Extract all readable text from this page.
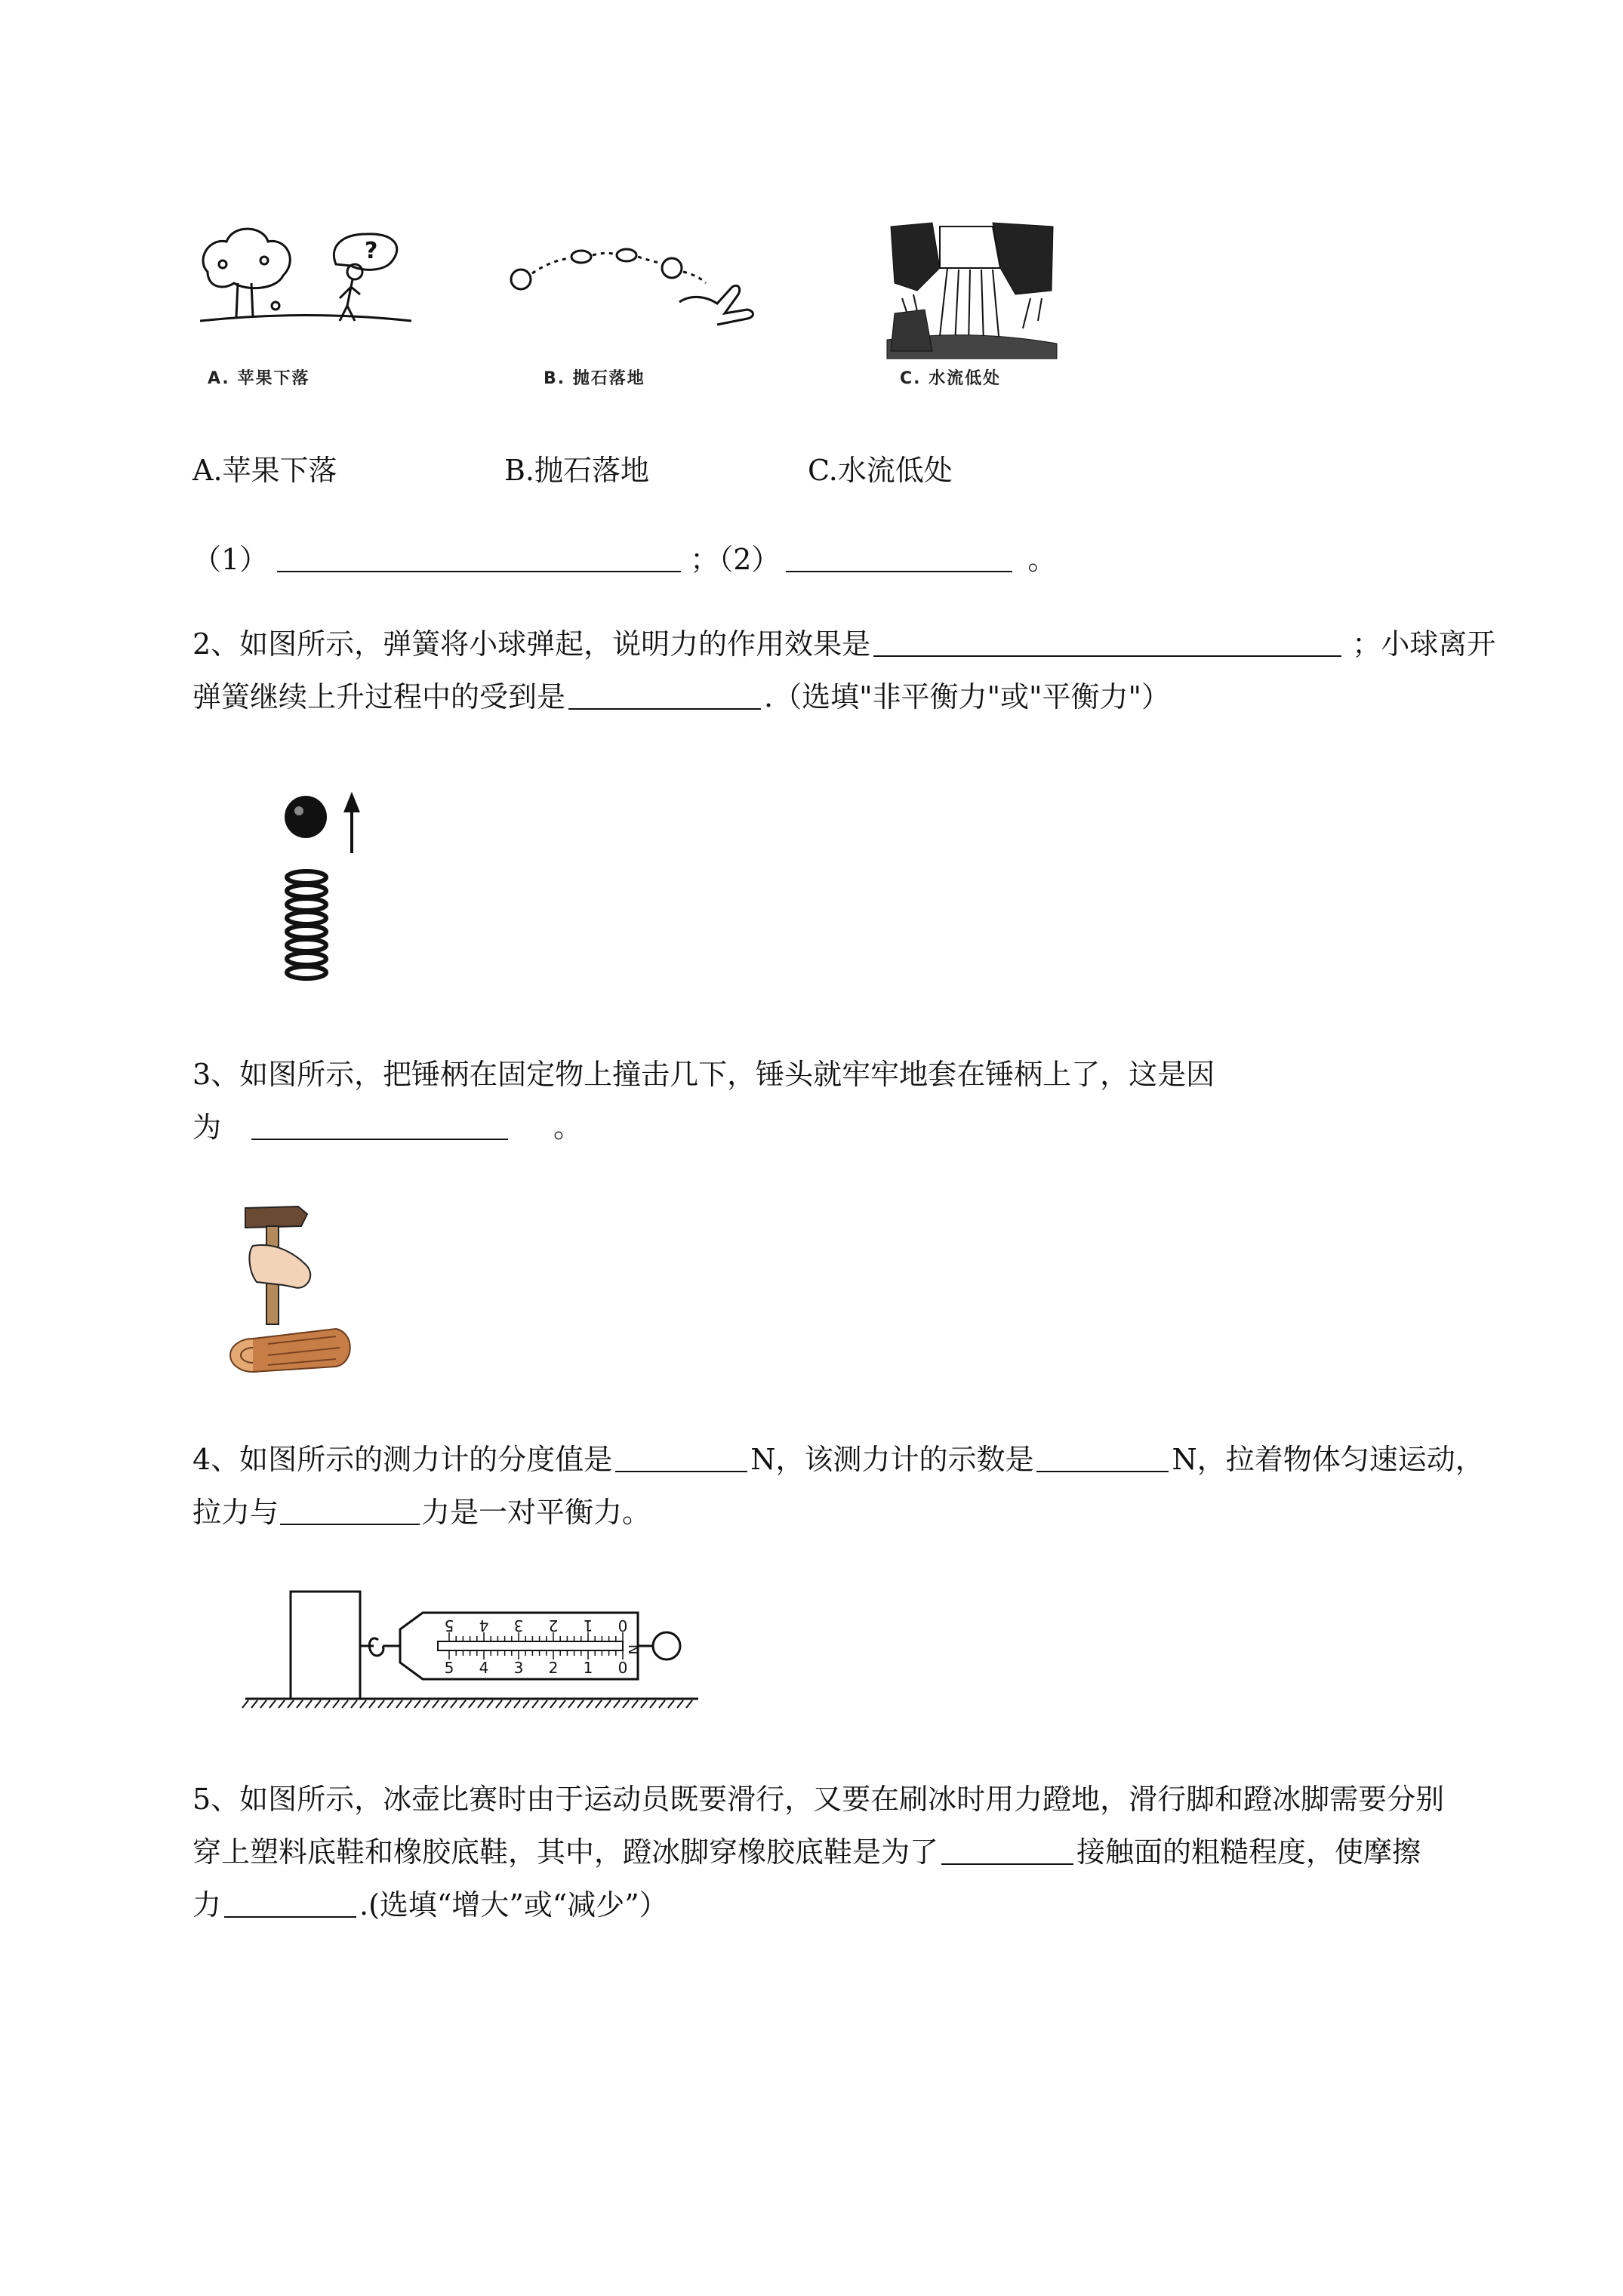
?
A. 苹果下落	B. 抛石落地	C. 水流低处
A.苹果下落	B.抛石落地	C.水流低处
（1）	；（2）	。
2、如图所示，弹簧将小球弹起，说明力的作用效果是	；小球离开
弹簧继续上升过程中的受到是	.（选填"非平衡力"或"平衡力"）
3、如图所示，把锤柄在固定物上撞击几下，锤头就牢牢地套在锤柄上了，这是因
为	。
4、如图所示的测力计的分度值是	N，该测力计的示数是	N，拉着物体匀速运动，
拉力与	力是一对平衡力。
5 4 3 2 1 0
5 4 3 2 1 0
N
5、如图所示，冰壶比赛时由于运动员既要滑行，又要在刷冰时用力蹬地，滑行脚和蹬冰脚需要分别
穿上塑料底鞋和橡胶底鞋，其中，蹬冰脚穿橡胶底鞋是为了	接触面的粗糙程度，使摩擦
力	.(选填“增大”或“减少”）
